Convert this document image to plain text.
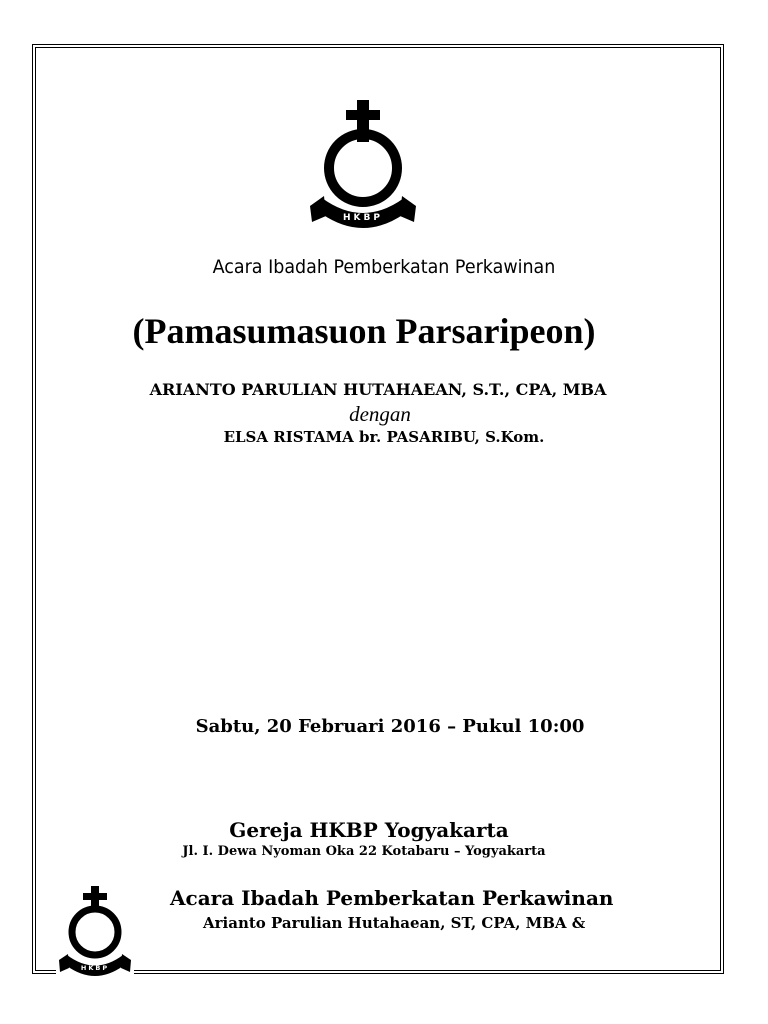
HKBP
Acara Ibadah Pemberkatan Perkawinan
(Pamasumasuon Parsaripeon)
ARIANTO PARULIAN HUTAHAEAN, S.T., CPA, MBA
dengan
ELSA RISTAMA br. PASARIBU, S.Kom.
Sabtu, 20 Februari 2016 – Pukul 10:00
Gereja HKBP Yogyakarta
Jl. I. Dewa Nyoman Oka 22 Kotabaru – Yogyakarta
HKBP
Acara Ibadah Pemberkatan Perkawinan
Arianto Parulian Hutahaean, ST, CPA, MBA &
